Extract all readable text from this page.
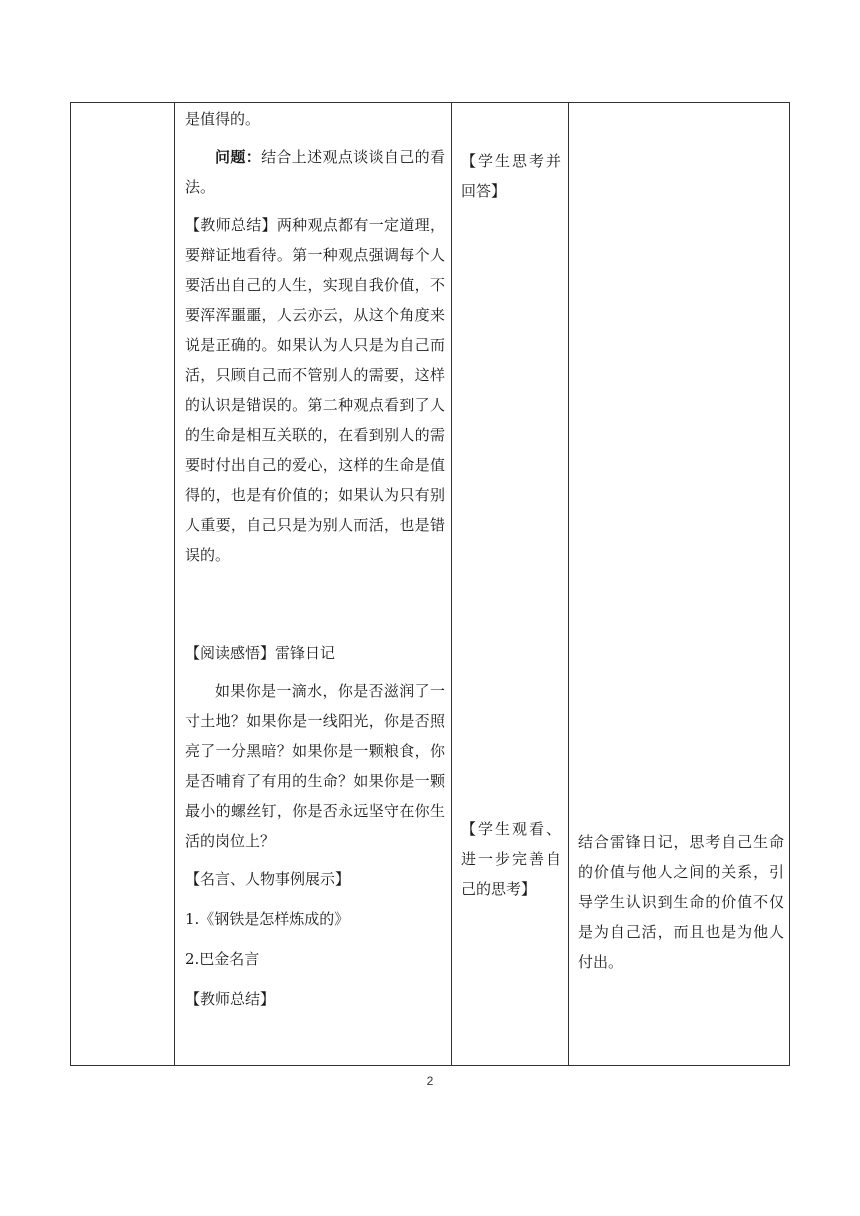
是值得的。

问题：结合上述观点谈谈自己的看法。

【教师总结】两种观点都有一定道理，要辩证地看待。第一种观点强调每个人要活出自己的人生，实现自我价值，不要浑浑噩噩，人云亦云，从这个角度来说是正确的。如果认为人只是为自己而活，只顾自己而不管别人的需要，这样的认识是错误的。第二种观点看到了人的生命是相互关联的，在看到别人的需要时付出自己的爱心，这样的生命是值得的，也是有价值的；如果认为只有别人重要，自己只是为别人而活，也是错误的。

【阅读感悟】雷锋日记

如果你是一滴水，你是否滋润了一寸土地？如果你是一线阳光，你是否照亮了一分黑暗？如果你是一颗粮食，你是否哺育了有用的生命？如果你是一颗最小的螺丝钉，你是否永远坚守在你生活的岗位上？

【名言、人物事例展示】

1.《钢铁是怎样炼成的》

2.巴金名言

【教师总结】

【学生思考并回答】

【学生观看、进一步完善自己的思考】

结合雷锋日记，思考自己生命的价值与他人之间的关系，引导学生认识到生命的价值不仅是为自己活，而且也是为他人付出。

2
